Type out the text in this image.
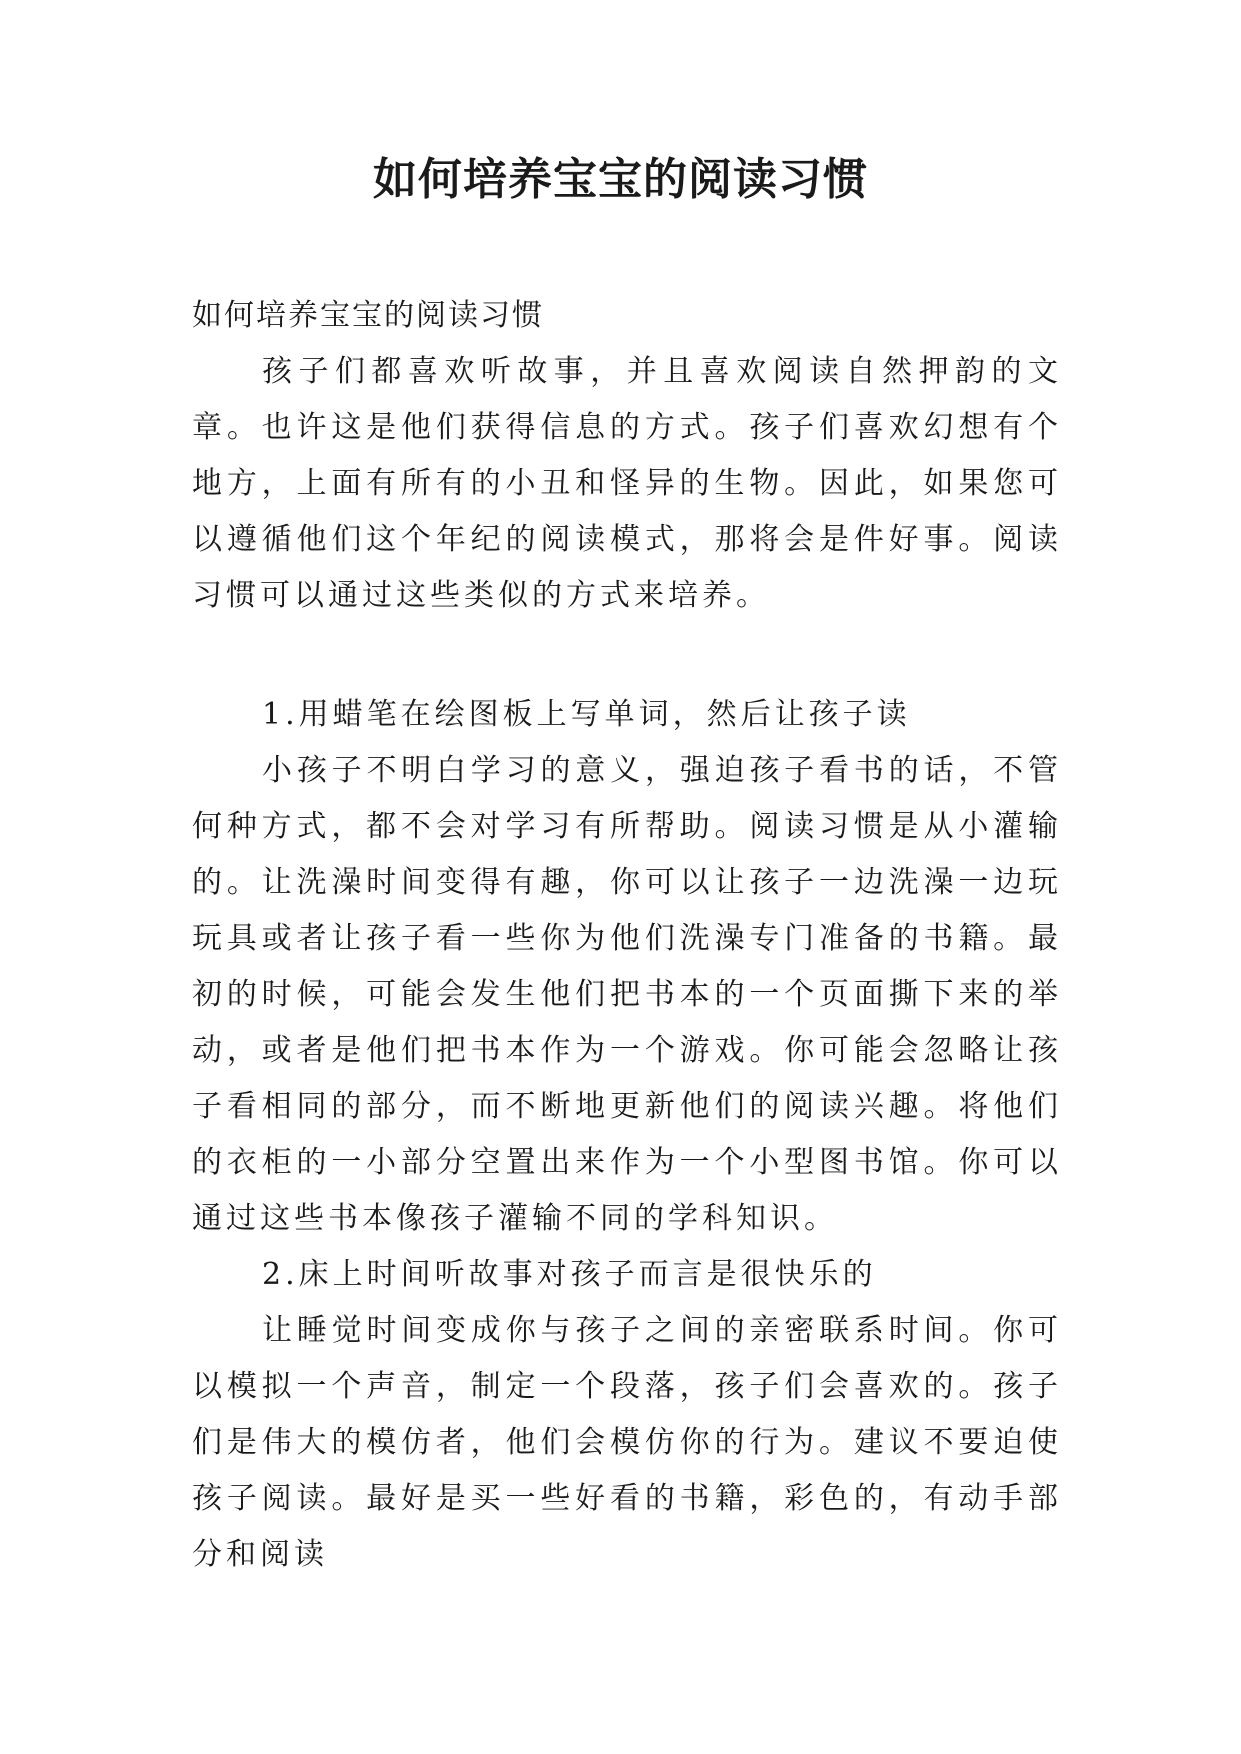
如何培养宝宝的阅读习惯

如何培养宝宝的阅读习惯

孩子们都喜欢听故事，并且喜欢阅读自然押韵的文章。也许这是他们获得信息的方式。孩子们喜欢幻想有个地方，上面有所有的小丑和怪异的生物。因此，如果您可以遵循他们这个年纪的阅读模式，那将会是件好事。阅读习惯可以通过这些类似的方式来培养。

1.用蜡笔在绘图板上写单词，然后让孩子读

小孩子不明白学习的意义，强迫孩子看书的话，不管何种方式，都不会对学习有所帮助。阅读习惯是从小灌输的。让洗澡时间变得有趣，你可以让孩子一边洗澡一边玩玩具或者让孩子看一些你为他们洗澡专门准备的书籍。最初的时候，可能会发生他们把书本的一个页面撕下来的举动，或者是他们把书本作为一个游戏。你可能会忽略让孩子看相同的部分，而不断地更新他们的阅读兴趣。将他们的衣柜的一小部分空置出来作为一个小型图书馆。你可以通过这些书本像孩子灌输不同的学科知识。

2.床上时间听故事对孩子而言是很快乐的

让睡觉时间变成你与孩子之间的亲密联系时间。你可以模拟一个声音，制定一个段落，孩子们会喜欢的。孩子们是伟大的模仿者，他们会模仿你的行为。建议不要迫使孩子阅读。最好是买一些好看的书籍，彩色的，有动手部分和阅读
